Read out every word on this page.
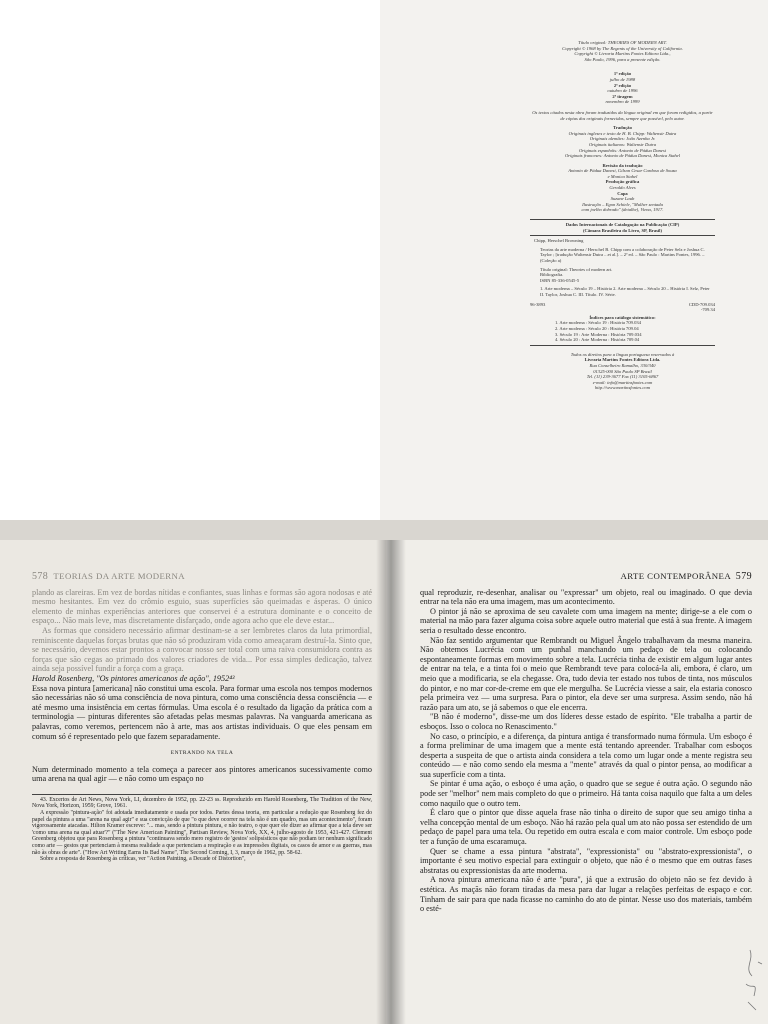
Título original: THEORIES OF MODERN ART.
Copyright © 1968 by The Regents of the University of California.
Copyright © Livraria Martins Fontes Editora Ltda.,
São Paulo, 1996, para a presente edição.
1ª edição
julho de 1988
2ª edição
outubro de 1996
2ª tiragem
novembro de 1999
Os textos citados nesta obra foram traduzidos da língua original em que foram redigidos, a partir de cópias dos originais fornecidas, sempre que possível, pelo autor.
Tradução
Originais ingleses e texto de H. B. Chipp: Waltensir Dutra
Originais alemães: João Azenha Jr.
Originais italianos: Waltensir Dutra
Originais espanhóis: Antonio de Pádua Danesi
Originais franceses: Antonio de Pádua Danesi, Monica Stahel
Revisão da tradução
Antonio de Pádua Danesi, Gilson Cesar Cardoso de Souza
e Monica Stahel
Produção gráfica
Geraldo Alves
Capa
Suzane Laub
Ilustração – Egon Schiele, "Mulher sentada
com joelho dobrado" (detalhe), Viena, 1917.
Dados Internacionais de Catalogação na Publicação (CIP)
(Câmara Brasileira do Livro, SP, Brasil)
Chipp, Herschel Browning
Teorias da arte moderna / Herschel B. Chipp com a colaboração de Peter Selz e Joshua C. Taylor ; [tradução Waltensir Dutra ...et al.]. – 2ª ed. – São Paulo : Martins Fontes, 1996. – (Coleção a)
Título original: Theories of modern art.
Bibliografia.
ISBN 85-336-0545-5
1. Arte moderna – Século 19 – História 2. Arte moderna – Século 20 – História I. Selz, Peter II. Taylor, Joshua C. III. Título. IV. Série.
96-3893	CDD-709.034
-709.34
Índices para catálogo sistemático:
1. Arte moderna : Século 19 : História 709.034
2. Arte moderna : Século 20 : História 709.04
3. Século 19 : Arte Moderna : História 709.034
4. Século 20 : Arte Moderna : História 709.04
Todos os direitos para a língua portuguesa reservados à
Livraria Martins Fontes Editora Ltda.
Rua Conselheiro Ramalho, 330/340
01325-000 São Paulo SP Brasil
Tel. (11) 239-3677 Fax (11) 3105-6867
e-mail: info@martinsfontes.com
http://www.martinsfontes.com
578 TEORIAS DA ARTE MODERNA

plando as clareiras. Em vez de bordas nítidas e confiantes, suas linhas e formas são agora nodosas e até mesmo hesitantes. Em vez do crômio esguio, suas superfícies são queimadas e ásperas. O único elemento de minhas experiências anteriores que conservei é a estrutura dominante e o conceito de espaço... Não mais leve, mas discretamente disfarçado, onde agora acho que ele deve estar...

As formas que considero necessário afirmar destinam-se a ser lembretes claros da luta primordial, reminiscente daquelas forças brutas que não só produziram vida como ameaçaram destruí-la. Sinto que, se necessário, devemos estar prontos a convocar nosso ser total com uma raiva consumidora contra as forças que são cegas ao primado dos valores criadores de vida... Por essa simples dedicação, talvez ainda seja possível fundir a força com a graça.

Harold Rosenberg, "Os pintores americanos de ação", 1952⁴³

Essa nova pintura [americana] não constitui uma escola. Para formar uma escola nos tempos modernos são necessárias não só uma consciência de nova pintura, como uma consciência dessa consciência — e até mesmo uma insistência em certas fórmulas. Uma escola é o resultado da ligação da prática com a terminologia — pinturas diferentes são afetadas pelas mesmas palavras. Na vanguarda americana as palavras, como veremos, pertencem não à arte, mas aos artistas individuais. O que eles pensam em comum só é representado pelo que fazem separadamente.

ENTRANDO NA TELA

Num determinado momento a tela começa a parecer aos pintores americanos sucessivamente como uma arena na qual agir — e não como um espaço no

43. Excertos de Art News, Nova York, LI, dezembro de 1952, pp. 22-23 ss. Reproduzido em Harold Rosenberg, The Tradition of the New, Nova York, Horizon, 1959; Grove, 1961.

A expressão "pintura-ação" foi adotada imediatamente e usada por todos. Partes dessa teoria, em particular a redução que Rosenberg fez do papel da pintura a uma "arena na qual agir" e sua convicção de que "o que deve ocorrer na tela não é um quadro, mas um acontecimento", foram vigorosamente atacadas. Hilton Kramer escreve: "... mas, sendo a pintura pintura, e não teatro, o que quer ele dizer ao afirmar que a tela deve ser 'como uma arena na qual atuar'?" ("The New American Painting", Partisan Review, Nova York, XX, 4, julho-agosto de 1953, 421-427. Clement Greenberg objetou que para Rosenberg a pintura "continuava sendo mero registro de 'gestos' solipsísticos que não podiam ter nenhum significado como arte — gestos que pertenciam à mesma realidade a que pertenciam a respiração e as impressões digitais, os casos de amor e as guerras, mas não às obras de arte". ("How Art Writing Earns Its Bad Name", The Second Coming, I, 3, março de 1962, pp. 58-62.

Sobre a resposta de Rosenberg às críticas, ver "Action Painting, a Decade of Distortion",

ARTE CONTEMPORÂNEA 579

qual reproduzir, re-desenhar, analisar ou "expressar" um objeto, real ou imaginado. O que devia entrar na tela não era uma imagem, mas um acontecimento.

O pintor já não se aproxima de seu cavalete com uma imagem na mente; dirige-se a ele com o material na mão para fazer alguma coisa sobre aquele outro material que está à sua frente. A imagem seria o resultado desse encontro.

Não faz sentido argumentar que Rembrandt ou Miguel Ângelo trabalhavam da mesma maneira. Não obtemos Lucrécia com um punhal manchando um pedaço de tela ou colocando espontaneamente formas em movimento sobre a tela. Lucrécia tinha de existir em algum lugar antes de entrar na tela, e a tinta foi o meio que Rembrandt teve para colocá-la ali, embora, é claro, um meio que a modificaria, se ela chegasse. Ora, tudo devia ter estado nos tubos de tinta, nos músculos do pintor, e no mar cor-de-creme em que ele mergulha. Se Lucrécia viesse a sair, ela estaria conosco pela primeira vez — uma surpresa. Para o pintor, ela deve ser uma surpresa. Assim sendo, não há razão para um ato, se já sabemos o que ele encerra.

"B não é moderno", disse-me um dos líderes desse estado de espírito. "Ele trabalha a partir de esboços. Isso o coloca no Renascimento."

No caso, o princípio, e a diferença, da pintura antiga é transformado numa fórmula. Um esboço é a forma preliminar de uma imagem que a mente está tentando apreender. Trabalhar com esboços desperta a suspeita de que o artista ainda considera a tela como um lugar onde a mente registra seu conteúdo — e não como sendo ela mesma a "mente" através da qual o pintor pensa, ao modificar a sua superfície com a tinta.

Se pintar é uma ação, o esboço é uma ação, o quadro que se segue é outra ação. O segundo não pode ser "melhor" nem mais completo do que o primeiro. Há tanta coisa naquilo que falta a um deles como naquilo que o outro tem.

É claro que o pintor que disse aquela frase não tinha o direito de supor que seu amigo tinha a velha concepção mental de um esboço. Não há razão pela qual um ato não possa ser estendido de um pedaço de papel para uma tela. Ou repetido em outra escala e com maior controle. Um esboço pode ter a função de uma escaramuça.

Quer se chame a essa pintura "abstrata", "expressionista" ou "abstrato-expressionista", o importante é seu motivo especial para extinguir o objeto, que não é o mesmo que em outras fases abstratas ou expressionistas da arte moderna.

A nova pintura americana não é arte "pura", já que a extrusão do objeto não se fez devido à estética. As maçãs não foram tiradas da mesa para dar lugar a relações perfeitas de espaço e cor. Tinham de sair para que nada ficasse no caminho do ato de pintar. Nesse uso dos materiais, também o esté-
